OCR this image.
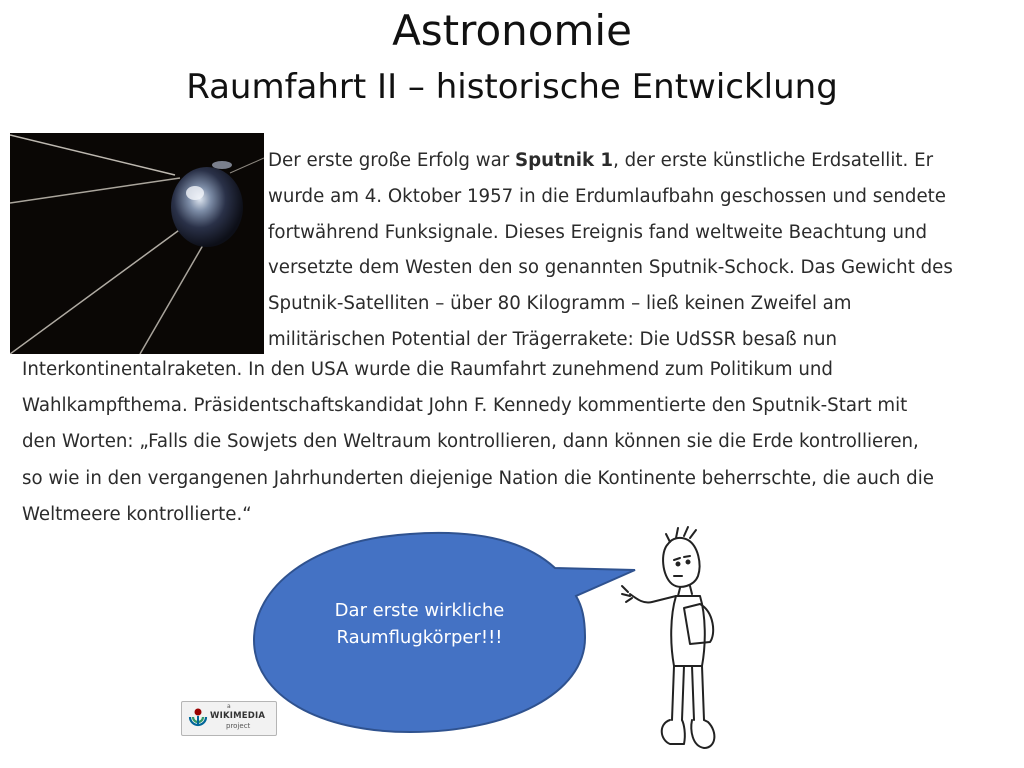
Astronomie
Raumfahrt II – historische Entwicklung
Der erste große Erfolg war Sputnik 1, der erste künstliche Erdsatellit. Er
wurde am 4. Oktober 1957 in die Erdumlaufbahn geschossen und sendete
fortwährend Funksignale. Dieses Ereignis fand weltweite Beachtung und
versetzte dem Westen den so genannten Sputnik-Schock. Das Gewicht des
Sputnik-Satelliten – über 80 Kilogramm – ließ keinen Zweifel am
militärischen Potential der Trägerrakete: Die UdSSR besaß nun
Interkontinentalraketen. In den USA wurde die Raumfahrt zunehmend zum Politikum und
Wahlkampfthema. Präsidentschaftskandidat John F. Kennedy kommentierte den Sputnik-Start mit
den Worten: „Falls die Sowjets den Weltraum kontrollieren, dann können sie die Erde kontrollieren,
so wie in den vergangenen Jahrhunderten diejenige Nation die Kontinente beherrschte, die auch die
Weltmeere kontrollierte.“
Dar erste wirkliche
Raumflugkörper!!!
a
WIKIMEDIA
project
